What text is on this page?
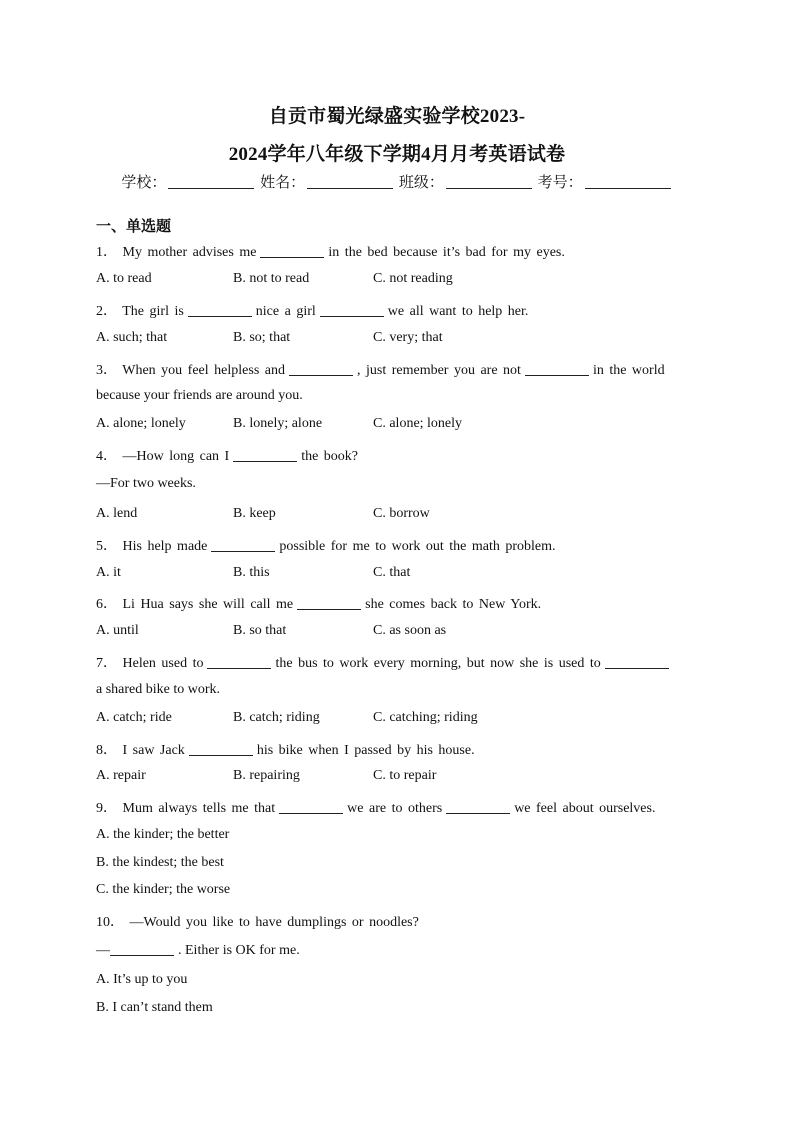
自贡市蜀光绿盛实验学校2023-
2024学年八年级下学期4月月考英语试卷
学校：	姓名：	班级：	考号：
一、单选题
1． My mother advises me	in the bed because it’s bad for my eyes.
A. to read	B. not to read	C. not reading
2． The girl is	nice a girl	we all want to help her.
A. such; that	B. so; that	C. very; that
3． When you feel helpless and	, just remember you are not	in the world
because your friends are around you.
A. alone; lonely	B. lonely; alone	C. alone; lonely
4． —How long can I	the book?
—For two weeks.
A. lend	B. keep	C. borrow
5． His help made	possible for me to work out the math problem.
A. it	B. this	C. that
6． Li Hua says she will call me	she comes back to New York.
A. until	B. so that	C. as soon as
7． Helen used to	the bus to work every morning, but now she is used to
a shared bike to work.
A. catch; ride	B. catch; riding	C. catching; riding
8． I saw Jack	his bike when I passed by his house.
A. repair	B. repairing	C. to repair
9． Mum always tells me that	we are to others	we feel about ourselves.
A. the kinder; the better
B. the kindest; the best
C. the kinder; the worse
10． —Would you like to have dumplings or noodles?
—	. Either is OK for me.
A. It’s up to you
B. I can’t stand them
